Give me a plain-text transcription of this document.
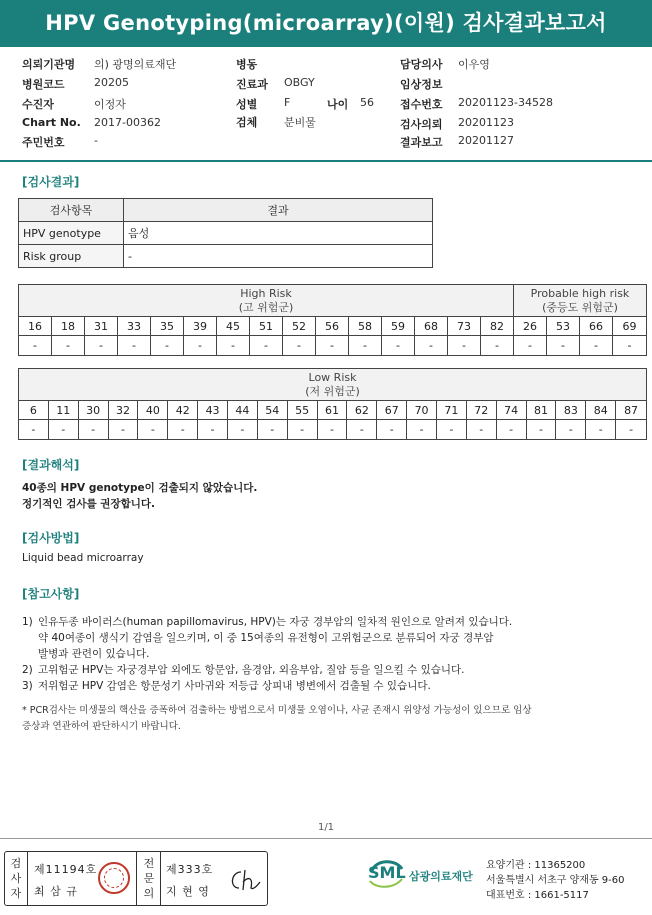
HPV Genotyping(microarray)(이원) 검사결과보고서
의뢰기관명 의) 광명의료재단
병원코드	20205
수진자	이정자
Chart No. 2017-00362
주민번호	-
병동
진료과 OBGY
성별 F	나이 56
검체 분비물
담당의사 이우영
임상정보
접수번호 20201123-34528
검사의뢰 20201123
결과보고 20201127
[검사결과]
검사항목	결과
HPV genotype	음성
Risk group	-
High Risk
(고 위험군)
Probable high risk
(중등도 위험군)
16	18	31	33	35	39	45	51	52	56	58	59	68	73	82	26	53	66	69
-	-	-	-	-	-	-	-	-	-	-	-	-	-	-	-	-	-	-
Low Risk
(저 위험군)
6	11	30	32	40	42	43	44	54	55	61	62	67	70	71	72	74	81	83	84	87
-	-	-	-	-	-	-	-	-	-	-	-	-	-	-	-	-	-	-	-	-
[결과해석]
40종의 HPV genotype이 검출되지 않았습니다.
정기적인 검사를 권장합니다.
[검사방법]
Liquid bead microarray
[참고사항]
1) 인유두종 바이러스(human papillomavirus, HPV)는 자궁 경부암의 일차적 원인으로 알려져 있습니다.
약 40여종이 생식기 감염을 일으키며, 이 중 15여종의 유전형이 고위험군으로 분류되어 자궁 경부암
발병과 관련이 있습니다.
2) 고위험군 HPV는 자궁경부암 외에도 항문암, 음경암, 외음부암, 질암 등을 일으킬 수 있습니다.
3) 저위험군 HPV 감염은 항문성기 사마귀와 저등급 상피내 병변에서 검출될 수 있습니다.
* PCR검사는 미생물의 핵산을 증폭하여 검출하는 방법으로서 미생물 오염이나, 사균 존재시 위양성 가능성이 있으므로 임상
증상과 연관하여 판단하시기 바랍니다.
1/1
검
사
자
제11194호
최 삼 규
전
문
의
제333호
지 현 영
SML 삼광의료재단
요양기관 : 11365200
서울특별시 서초구 양재동 9-60
대표번호 : 1661-5117
